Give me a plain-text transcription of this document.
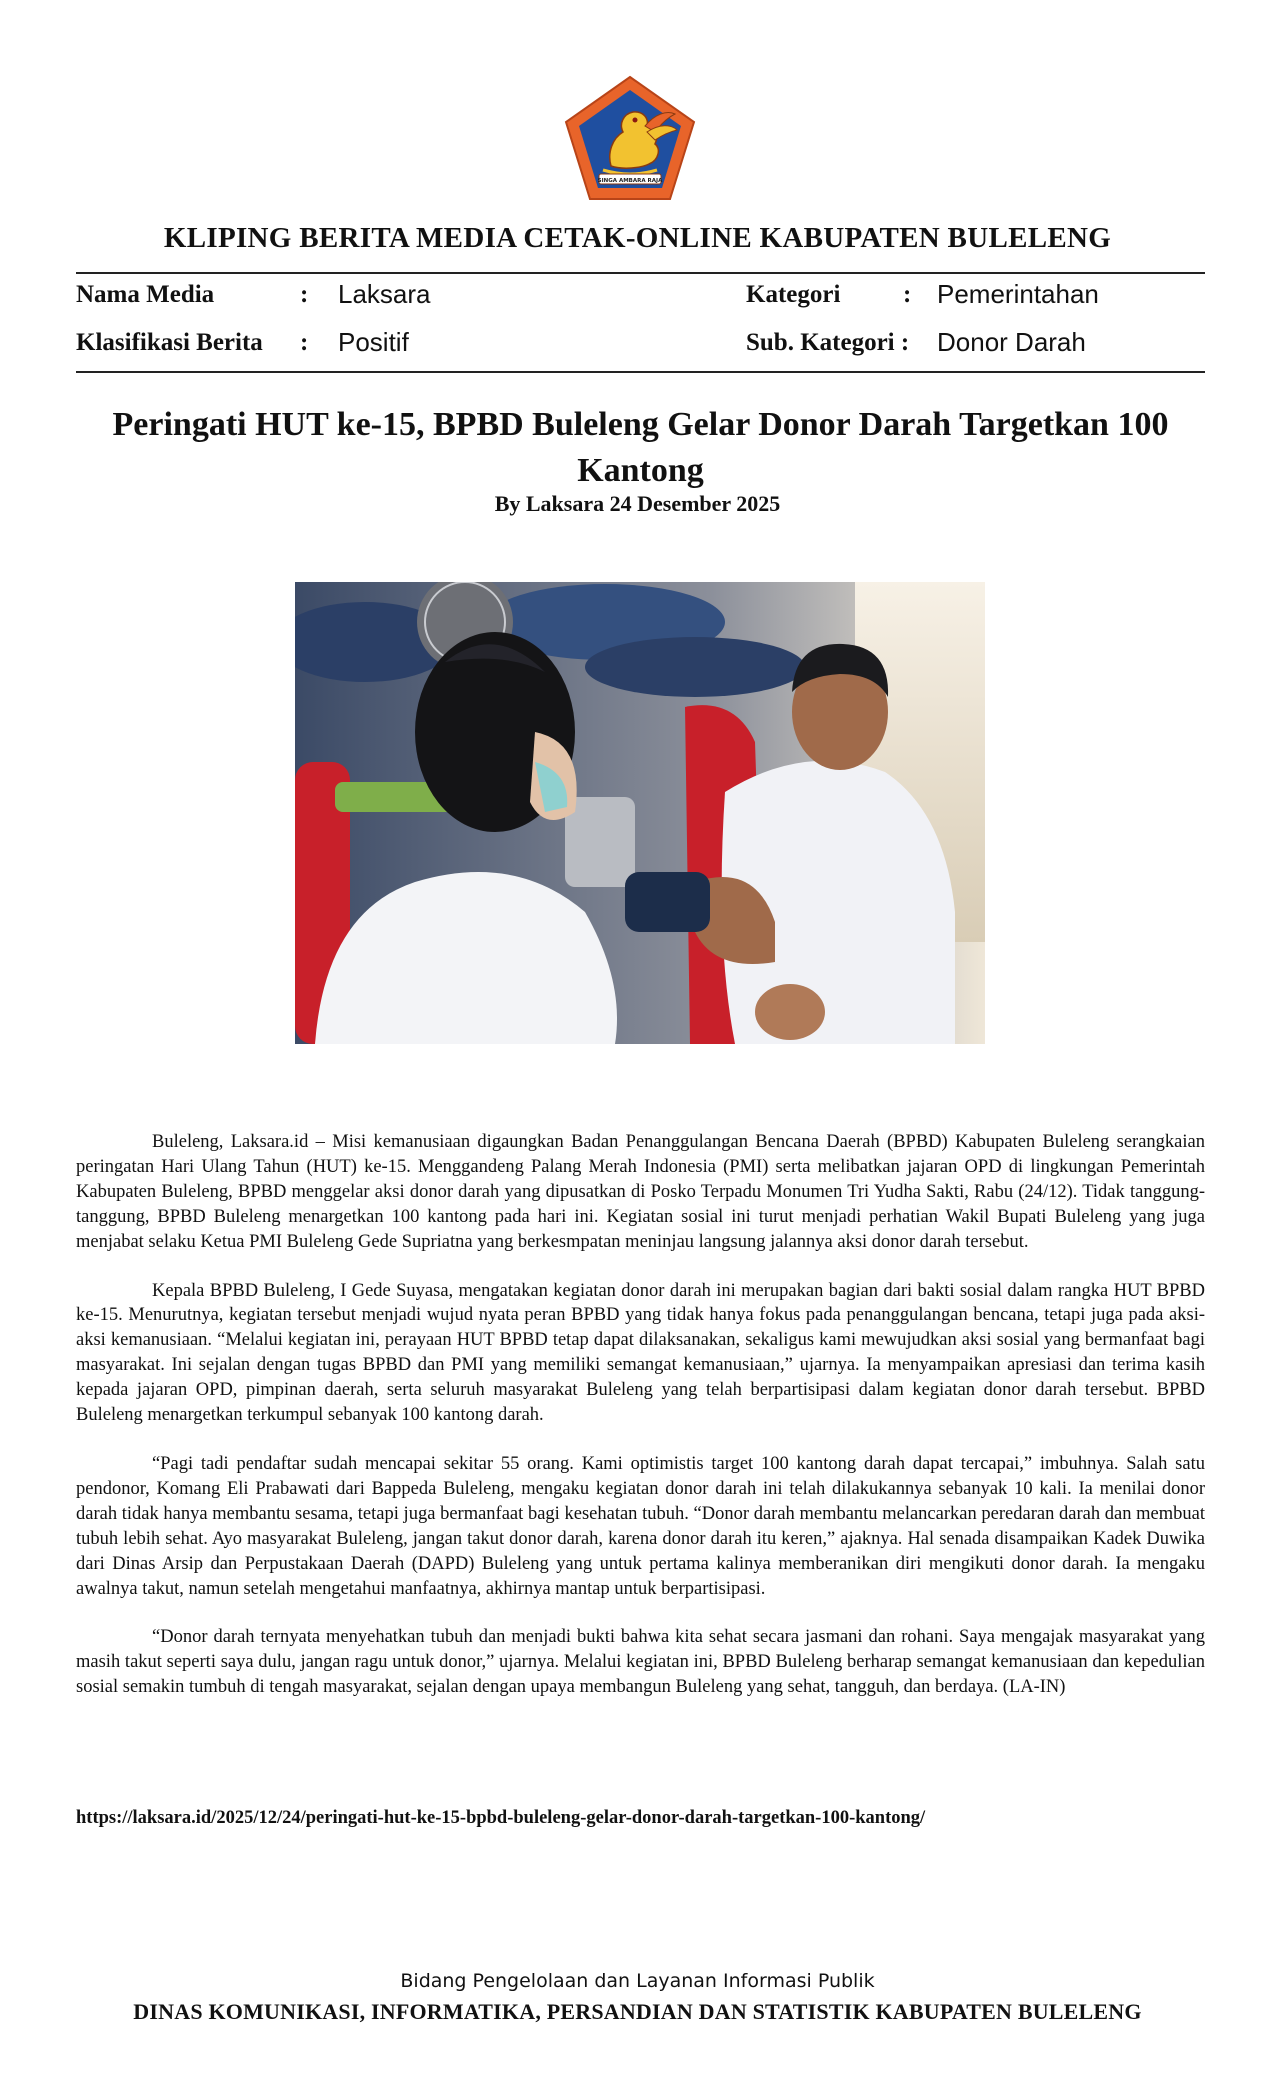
SINGA AMBARA RAJA
KLIPING BERITA MEDIA CETAK-ONLINE KABUPATEN BULELENG
Nama Media	: Laksara
Klasifikasi Berita : Positif
Kategori	: Pemerintahan
Sub. Kategori : Donor Darah
Peringati HUT ke-15, BPBD Buleleng Gelar Donor Darah Targetkan 100 Kantong
By Laksara 24 Desember 2025

Buleleng, Laksara.id – Misi kemanusiaan digaungkan Badan Penanggulangan Bencana Daerah (BPBD) Kabupaten Buleleng serangkaian peringatan Hari Ulang Tahun (HUT) ke-15. Menggandeng Palang Merah Indonesia (PMI) serta melibatkan jajaran OPD di lingkungan Pemerintah Kabupaten Buleleng, BPBD menggelar aksi donor darah yang dipusatkan di Posko Terpadu Monumen Tri Yudha Sakti, Rabu (24/12). Tidak tanggung-tanggung, BPBD Buleleng menargetkan 100 kantong pada hari ini. Kegiatan sosial ini turut menjadi perhatian Wakil Bupati Buleleng yang juga menjabat selaku Ketua PMI Buleleng Gede Supriatna yang berkesmpatan meninjau langsung jalannya aksi donor darah tersebut.

Kepala BPBD Buleleng, I Gede Suyasa, mengatakan kegiatan donor darah ini merupakan bagian dari bakti sosial dalam rangka HUT BPBD ke-15. Menurutnya, kegiatan tersebut menjadi wujud nyata peran BPBD yang tidak hanya fokus pada penanggulangan bencana, tetapi juga pada aksi-aksi kemanusiaan. “Melalui kegiatan ini, perayaan HUT BPBD tetap dapat dilaksanakan, sekaligus kami mewujudkan aksi sosial yang bermanfaat bagi masyarakat. Ini sejalan dengan tugas BPBD dan PMI yang memiliki semangat kemanusiaan,” ujarnya. Ia menyampaikan apresiasi dan terima kasih kepada jajaran OPD, pimpinan daerah, serta seluruh masyarakat Buleleng yang telah berpartisipasi dalam kegiatan donor darah tersebut. BPBD Buleleng menargetkan terkumpul sebanyak 100 kantong darah.

“Pagi tadi pendaftar sudah mencapai sekitar 55 orang. Kami optimistis target 100 kantong darah dapat tercapai,” imbuhnya. Salah satu pendonor, Komang Eli Prabawati dari Bappeda Buleleng, mengaku kegiatan donor darah ini telah dilakukannya sebanyak 10 kali. Ia menilai donor darah tidak hanya membantu sesama, tetapi juga bermanfaat bagi kesehatan tubuh. “Donor darah membantu melancarkan peredaran darah dan membuat tubuh lebih sehat. Ayo masyarakat Buleleng, jangan takut donor darah, karena donor darah itu keren,” ajaknya. Hal senada disampaikan Kadek Duwika dari Dinas Arsip dan Perpustakaan Daerah (DAPD) Buleleng yang untuk pertama kalinya memberanikan diri mengikuti donor darah. Ia mengaku awalnya takut, namun setelah mengetahui manfaatnya, akhirnya mantap untuk berpartisipasi.

“Donor darah ternyata menyehatkan tubuh dan menjadi bukti bahwa kita sehat secara jasmani dan rohani. Saya mengajak masyarakat yang masih takut seperti saya dulu, jangan ragu untuk donor,” ujarnya. Melalui kegiatan ini, BPBD Buleleng berharap semangat kemanusiaan dan kepedulian sosial semakin tumbuh di tengah masyarakat, sejalan dengan upaya membangun Buleleng yang sehat, tangguh, dan berdaya. (LA-IN)

https://laksara.id/2025/12/24/peringati-hut-ke-15-bpbd-buleleng-gelar-donor-darah-targetkan-100-kantong/
Bidang Pengelolaan dan Layanan Informasi Publik
DINAS KOMUNIKASI, INFORMATIKA, PERSANDIAN DAN STATISTIK KABUPATEN BULELENG
